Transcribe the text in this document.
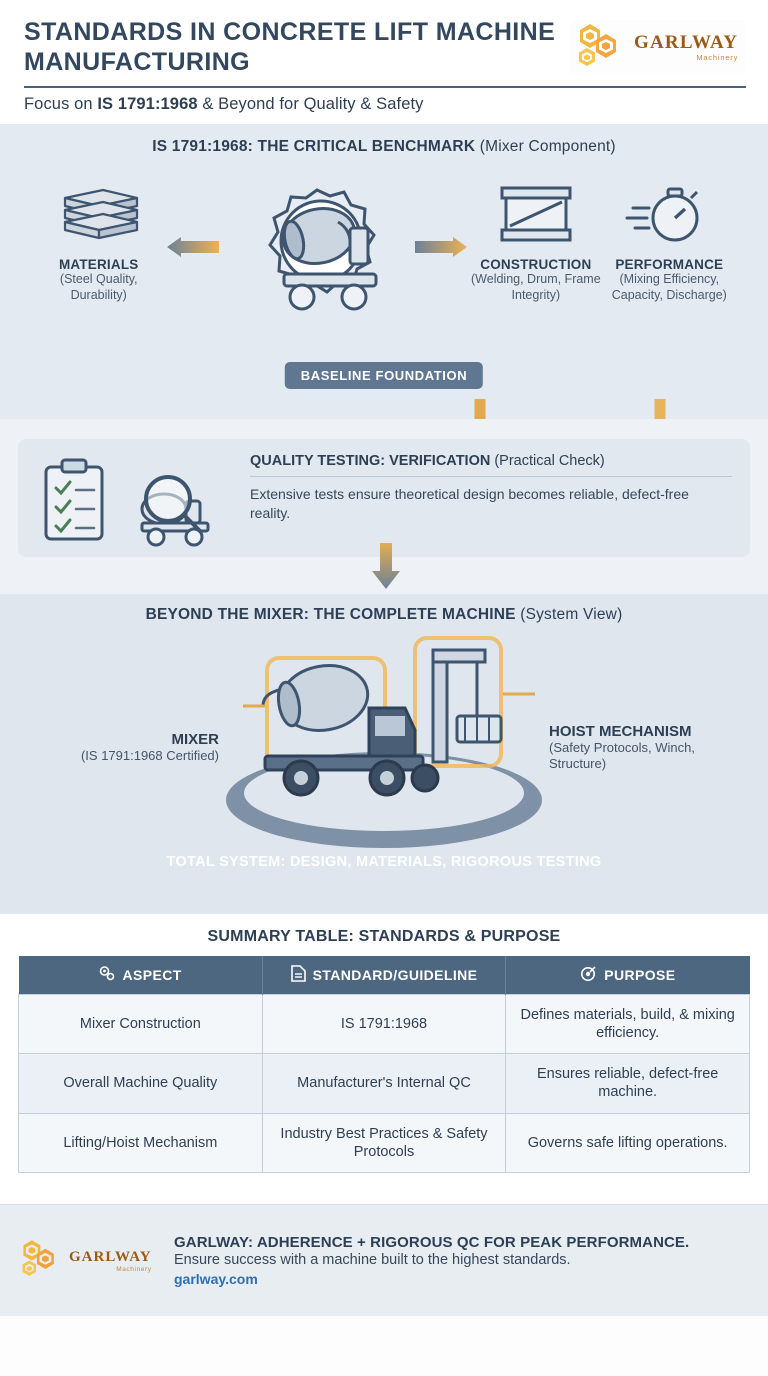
STANDARDS IN CONCRETE LIFT MACHINE MANUFACTURING
Focus on IS 1791:1968 & Beyond for Quality & Safety
GARLWAY
Machinery
IS 1791:1968: THE CRITICAL BENCHMARK (Mixer Component)
MATERIALS
(Steel Quality, Durability)
CONSTRUCTION
(Welding, Drum, Frame Integrity)
PERFORMANCE
(Mixing Efficiency, Capacity, Discharge)
BASELINE FOUNDATION
QUALITY TESTING: VERIFICATION (Practical Check)
Extensive tests ensure theoretical design becomes reliable, defect-free reality.
BEYOND THE MIXER: THE COMPLETE MACHINE (System View)
MIXER
(IS 1791:1968 Certified)
HOIST MECHANISM
(Safety Protocols, Winch, Structure)
TOTAL SYSTEM: DESIGN, MATERIALS, RIGOROUS TESTING
SUMMARY TABLE: STANDARDS & PURPOSE
ASPECT	STANDARD/GUIDELINE	PURPOSE

Mixer Construction	IS 1791:1968	Defines materials, build, & mixing efficiency.
Overall Machine Quality	Manufacturer's Internal QC	Ensures reliable, defect-free machine.
Lifting/Hoist Mechanism	Industry Best Practices & Safety Protocols	Governs safe lifting operations.
GARLWAY
Machinery
GARLWAY: ADHERENCE + RIGOROUS QC FOR PEAK PERFORMANCE.
Ensure success with a machine built to the highest standards.
garlway.com
